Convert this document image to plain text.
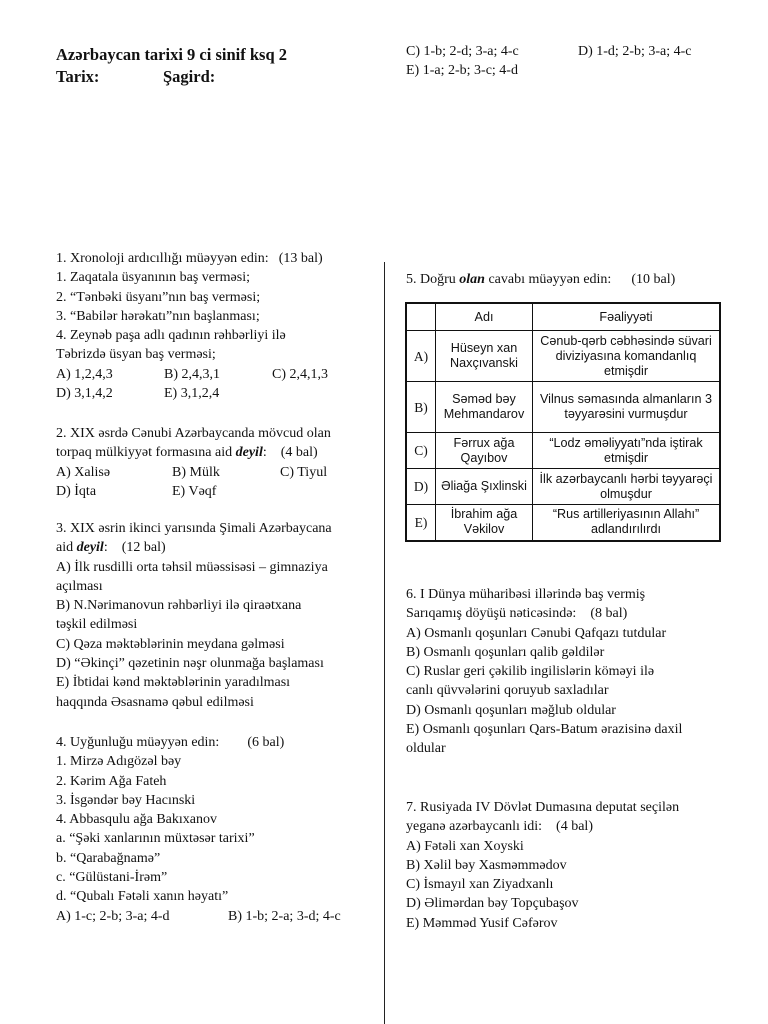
Azərbaycan tarixi 9 ci sinif ksq 2
Tarix:	Şagird:
C) 1-b; 2-d; 3-a; 4-c	D) 1-d; 2-b; 3-a; 4-c
E) 1-a; 2-b; 3-c; 4-d
1. Xronoloji ardıcıllığı müəyyən edin: (13 bal)
1. Zaqatala üsyanının baş verməsi;
2. “Tənbəki üsyanı”nın baş verməsi;
3. “Babilər hərəkatı”nın başlanması;
4. Zeynəb paşa adlı qadının rəhbərliyi ilə
Təbrizdə üsyan baş verməsi;
A) 1,2,4,3	B) 2,4,3,1	C) 2,4,1,3
D) 3,1,4,2	E) 3,1,2,4
2. XIX əsrdə Cənubi Azərbaycanda mövcud olan
torpaq mülkiyyət formasına aid deyil: (4 bal)
A) Xalisə	B) Mülk	C) Tiyul
D) İqta	E) Vəqf
3. XIX əsrin ikinci yarısında Şimali Azərbaycana
aid deyil: (12 bal)
A) İlk rusdilli orta təhsil müəssisəsi – gimnaziya
açılması
B) N.Nərimanovun rəhbərliyi ilə qiraətxana
təşkil edilməsi
C) Qəza məktəblərinin meydana gəlməsi
D) “Əkinçi” qəzetinin nəşr olunmağa başlaması
E) İbtidai kənd məktəblərinin yaradılması
haqqında Əsasnamə qəbul edilməsi
4. Uyğunluğu müəyyən edin: (6 bal)
1. Mirzə Adıgözəl bəy
2. Kərim Ağa Fateh
3. İsgəndər bəy Hacınski
4. Abbasqulu ağa Bakıxanov
a. “Şəki xanlarının müxtəsər tarixi”
b. “Qarabağnamə”
c. “Gülüstani-İrəm”
d. “Qubalı Fətəli xanın həyatı”
A) 1-c; 2-b; 3-a; 4-d	B) 1-b; 2-a; 3-d; 4-c
5. Doğru olan cavabı müəyyən edin: (10 bal)
	Adı	Fəaliyyəti
A)	Hüseyn xan Naxçıvanski	Cənub-qərb cəbhəsində süvari diviziyasına komandanlıq etmişdir
B)	Səməd bəy Mehmandarov	Vilnus səmasında almanların 3 təyyarəsini vurmuşdur
C)	Fərrux ağa Qayıbov	“Lodz əməliyyatı”nda iştirak etmişdir
D)	Əliağa Şıxlinski	İlk azərbaycanlı hərbi təyyarəçi olmuşdur
E)	İbrahim ağa Vəkilov	“Rus artilleriyasının Allahı” adlandırılırdı
6. I Dünya müharibəsi illərində baş vermiş
Sarıqamış döyüşü nəticəsində: (8 bal)
A) Osmanlı qoşunları Cənubi Qafqazı tutdular
B) Osmanlı qoşunları qalib gəldilər
C) Ruslar geri çəkilib ingilislərin köməyi ilə
canlı qüvvələrini qoruyub saxladılar
D) Osmanlı qoşunları məğlub oldular
E) Osmanlı qoşunları Qars-Batum ərazisinə daxil
oldular
7. Rusiyada IV Dövlət Dumasına deputat seçilən
yeganə azərbaycanlı idi: (4 bal)
A) Fətəli xan Xoyski
B) Xəlil bəy Xasməmmədov
C) İsmayıl xan Ziyadxanlı
D) Əlimərdan bəy Topçubaşov
E) Məmməd Yusif Cəfərov
